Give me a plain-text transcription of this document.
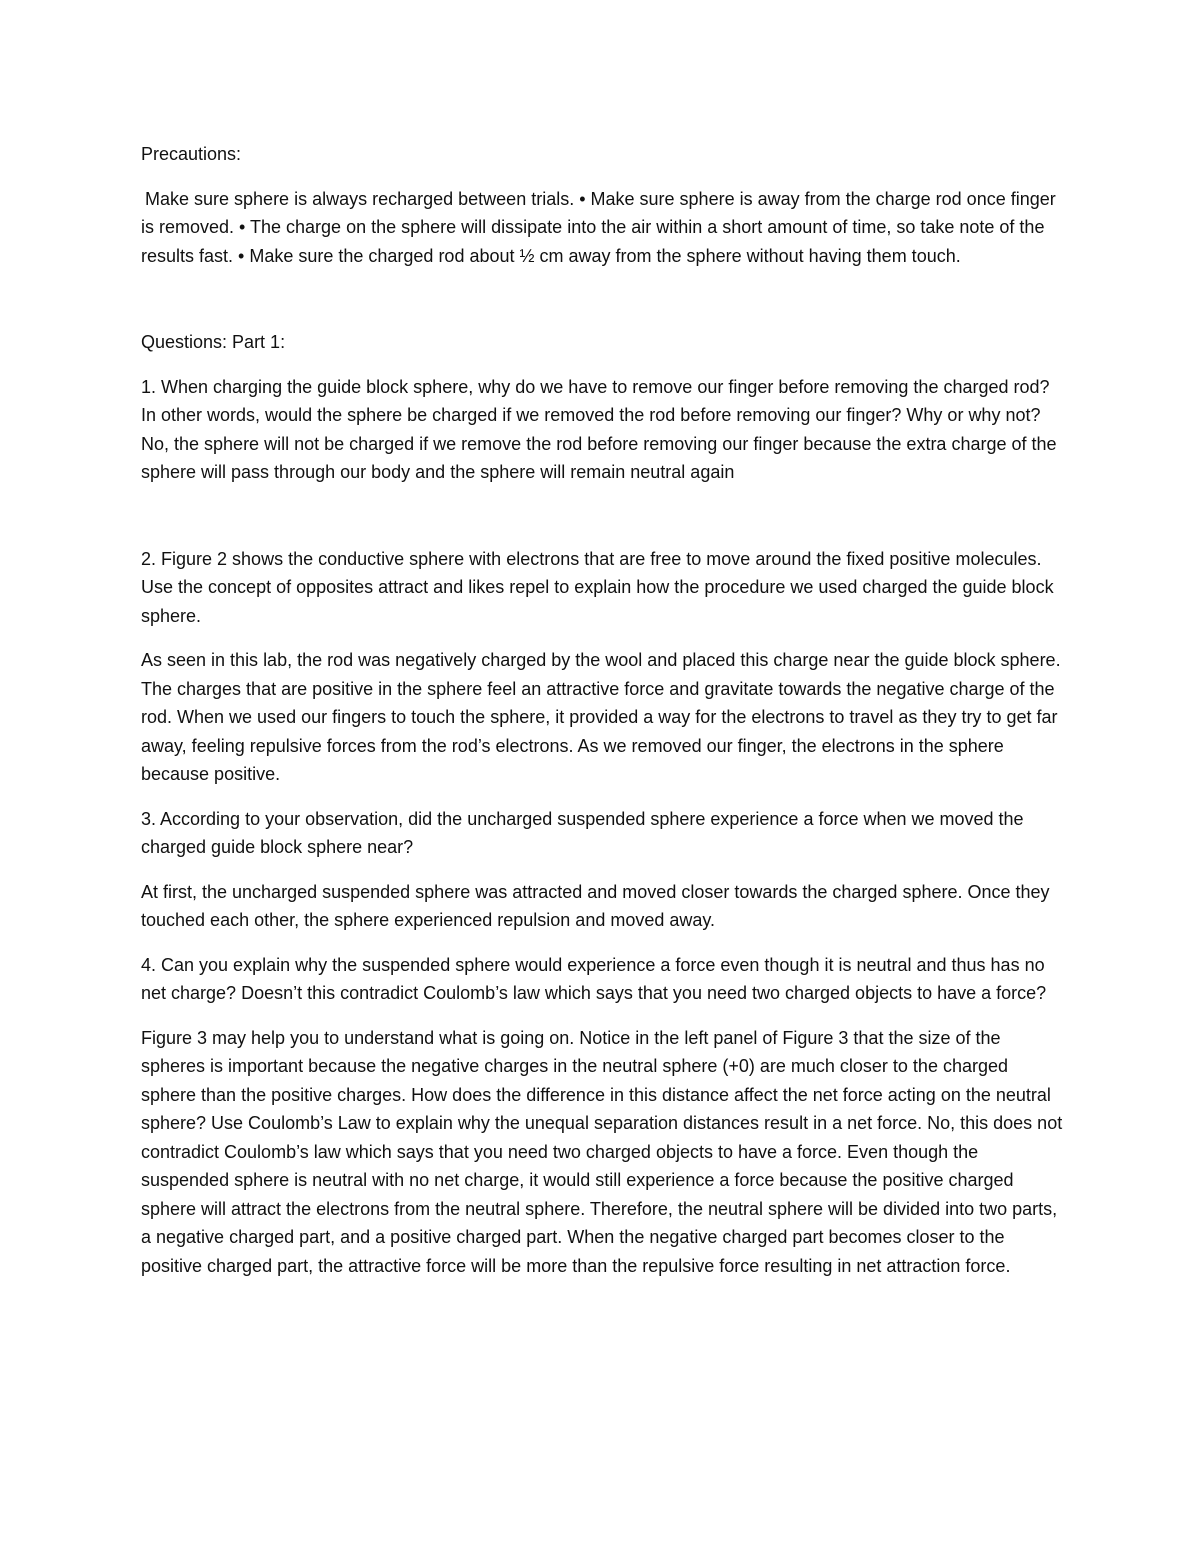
Precautions:

Make sure sphere is always recharged between trials. • Make sure sphere is away from the charge rod once finger is removed. • The charge on the sphere will dissipate into the air within a short amount of time, so take note of the results fast. • Make sure the charged rod about ½ cm away from the sphere without having them touch.

Questions: Part 1:

1. When charging the guide block sphere, why do we have to remove our finger before removing the charged rod? In other words, would the sphere be charged if we removed the rod before removing our finger? Why or why not? No, the sphere will not be charged if we remove the rod before removing our finger because the extra charge of the sphere will pass through our body and the sphere will remain neutral again

2. Figure 2 shows the conductive sphere with electrons that are free to move around the fixed positive molecules. Use the concept of opposites attract and likes repel to explain how the procedure we used charged the guide block sphere.

As seen in this lab, the rod was negatively charged by the wool and placed this charge near the guide block sphere. The charges that are positive in the sphere feel an attractive force and gravitate towards the negative charge of the rod. When we used our fingers to touch the sphere, it provided a way for the electrons to travel as they try to get far away, feeling repulsive forces from the rod’s electrons. As we removed our finger, the electrons in the sphere because positive.

3. According to your observation, did the uncharged suspended sphere experience a force when we moved the charged guide block sphere near?

At first, the uncharged suspended sphere was attracted and moved closer towards the charged sphere. Once they touched each other, the sphere experienced repulsion and moved away.

4. Can you explain why the suspended sphere would experience a force even though it is neutral and thus has no net charge? Doesn’t this contradict Coulomb’s law which says that you need two charged objects to have a force?

Figure 3 may help you to understand what is going on. Notice in the left panel of Figure 3 that the size of the spheres is important because the negative charges in the neutral sphere (+0) are much closer to the charged sphere than the positive charges. How does the difference in this distance affect the net force acting on the neutral sphere? Use Coulomb’s Law to explain why the unequal separation distances result in a net force. No, this does not contradict Coulomb’s law which says that you need two charged objects to have a force. Even though the suspended sphere is neutral with no net charge, it would still experience a force because the positive charged sphere will attract the electrons from the neutral sphere. Therefore, the neutral sphere will be divided into two parts, a negative charged part, and a positive charged part. When the negative charged part becomes closer to the positive charged part, the attractive force will be more than the repulsive force resulting in net attraction force.
